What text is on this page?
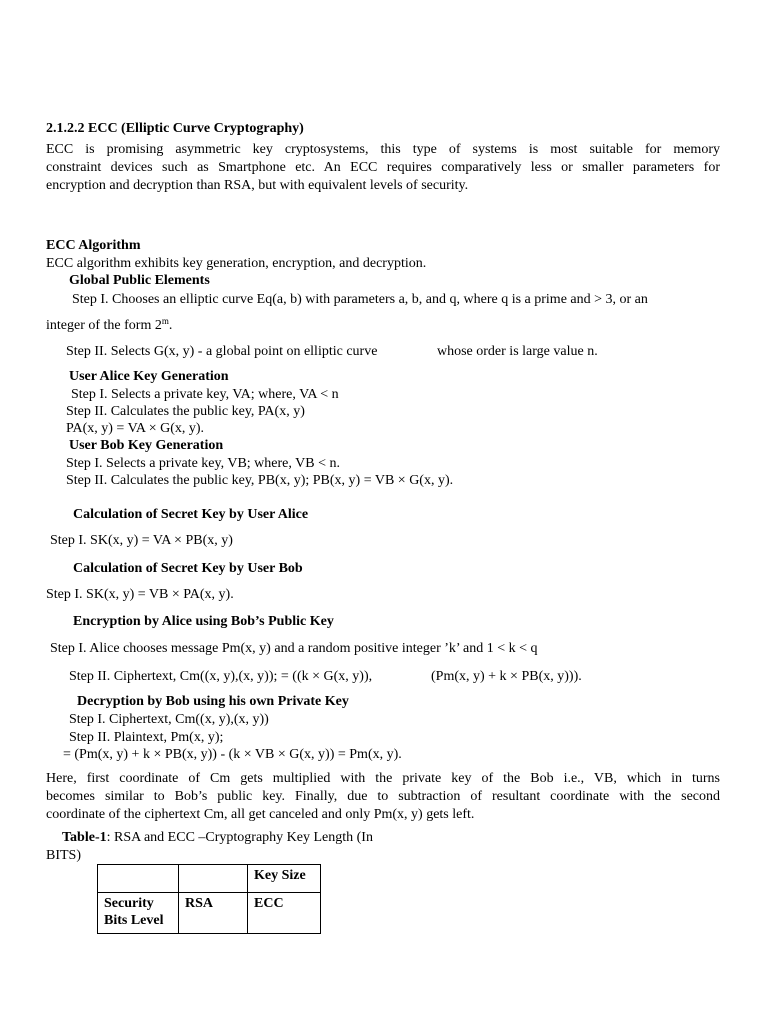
2.1.2.2 ECC (Elliptic Curve Cryptography)
ECC is promising asymmetric key cryptosystems, this type of systems is most suitable for memory
constraint devices such as Smartphone etc. An ECC requires comparatively less or smaller parameters for
encryption and decryption than RSA, but with equivalent levels of security.
ECC Algorithm
ECC algorithm exhibits key generation, encryption, and decryption.
Global Public Elements
Step I. Chooses an elliptic curve Eq(a, b) with parameters a, b, and q, where q is a prime and > 3, or an
integer of the form 2$^m$.
Step II. Selects G(x, y) - a global point on elliptic curve	whose order is large value n.
User Alice Key Generation
Step I. Selects a private key, VA; where, VA < n
Step II. Calculates the public key, PA(x, y)
PA(x, y) = VA × G(x, y).
User Bob Key Generation
Step I. Selects a private key, VB; where, VB < n.
Step II. Calculates the public key, PB(x, y); PB(x, y) = VB × G(x, y).
Calculation of Secret Key by User Alice
Step I. SK(x, y) = VA × PB(x, y)
Calculation of Secret Key by User Bob
Step I. SK(x, y) = VB × PA(x, y).
Encryption by Alice using Bob’s Public Key
Step I. Alice chooses message Pm(x, y) and a random positive integer ’k’ and 1 < k < q
Step II. Ciphertext, Cm((x, y),(x, y)); = ((k × G(x, y)),	(Pm(x, y) + k × PB(x, y))).
Decryption by Bob using his own Private Key
Step I. Ciphertext, Cm((x, y),(x, y))
Step II. Plaintext, Pm(x, y);
= (Pm(x, y) + k × PB(x, y)) - (k × VB × G(x, y)) = Pm(x, y).
Here, first coordinate of Cm gets multiplied with the private key of the Bob i.e., VB, which in turns
becomes similar to Bob’s public key. Finally, due to subtraction of resultant coordinate with the second
coordinate of the ciphertext Cm, all get canceled and only Pm(x, y) gets left.
Table-1: RSA and ECC –Cryptography Key Length (In
BITS)
		Key Size
Security Bits Level	RSA	ECC
